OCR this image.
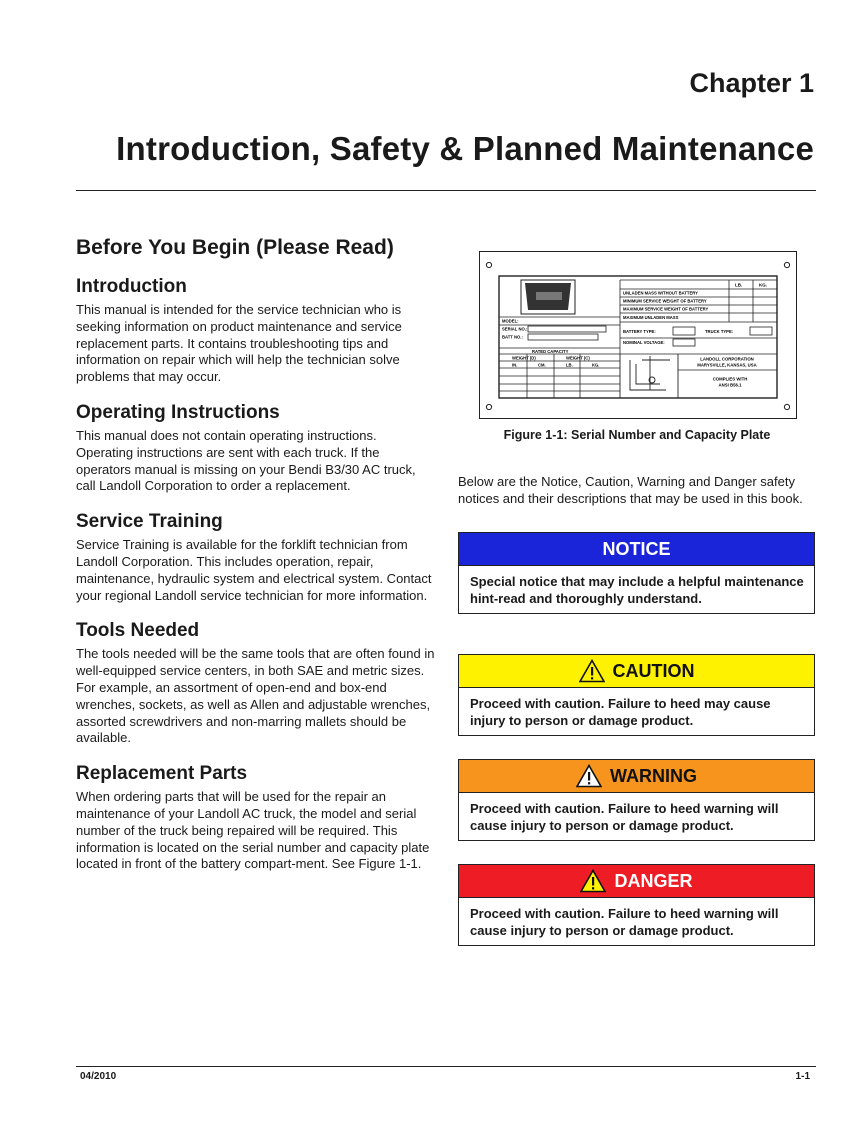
Chapter 1
Introduction, Safety & Planned Maintenance
Before You Begin (Please Read)
Introduction
This manual is intended for the service technician who is seeking information on product maintenance and service replacement parts. It contains troubleshooting tips and information on repair which will help the technician solve problems that may occur.
Operating Instructions
This manual does not contain operating instructions. Operating instructions are sent with each truck. If the operators manual is missing on your Bendi B3/30 AC truck, call Landoll Corporation to order a replacement.
Service Training
Service Training is available for the forklift technician from Landoll Corporation. This includes operation, repair, maintenance, hydraulic system and electrical system. Contact your regional Landoll service technician for more information.
Tools Needed
The tools needed will be the same tools that are often found in well-equipped service centers, in both SAE and metric sizes. For example, an assortment of open-end and box-end wrenches, sockets, as well as Allen and adjustable wrenches, assorted screwdrivers and non-marring mallets should be available.
Replacement Parts
When ordering parts that will be used for the repair an maintenance of your Landoll AC truck, the model and serial number of the truck being repaired will be required. This information is located on the serial number and capacity plate located in front of the battery compart-ment. See Figure 1-1.
LB.	KG.
UNLADEN MASS WITHOUT BATTERY
MINIMUM SERVICE WEIGHT OF BATTERY
MAXIMUM SERVICE WEIGHT OF BATTERY
MAXIMUM UNLADEN MASS
MODEL:
SERIAL NO.:
BATT NO.:
BATTERY TYPE:	TRUCK TYPE:
NOMINAL VOLTAGE:
RATED CAPACITY
WEIGHT (D)	WEIGHT (C)
IN.	CM.	LB.	KG.
LANDOLL CORPORATION
MARYSVILLE, KANSAS, USA
COMPLIES WITH
ANSI B56.1
Figure 1-1: Serial Number and Capacity Plate
Below are the Notice, Caution, Warning and Danger safety notices and their descriptions that may be used in this book.
NOTICE
Special notice that may include a helpful maintenance hint-read and thoroughly understand.
CAUTION
Proceed with caution. Failure to heed may cause injury to person or damage product.
WARNING
Proceed with caution. Failure to heed warning will cause injury to person or damage product.
DANGER
Proceed with caution. Failure to heed warning will cause injury to person or damage product.
04/2010	1-1
